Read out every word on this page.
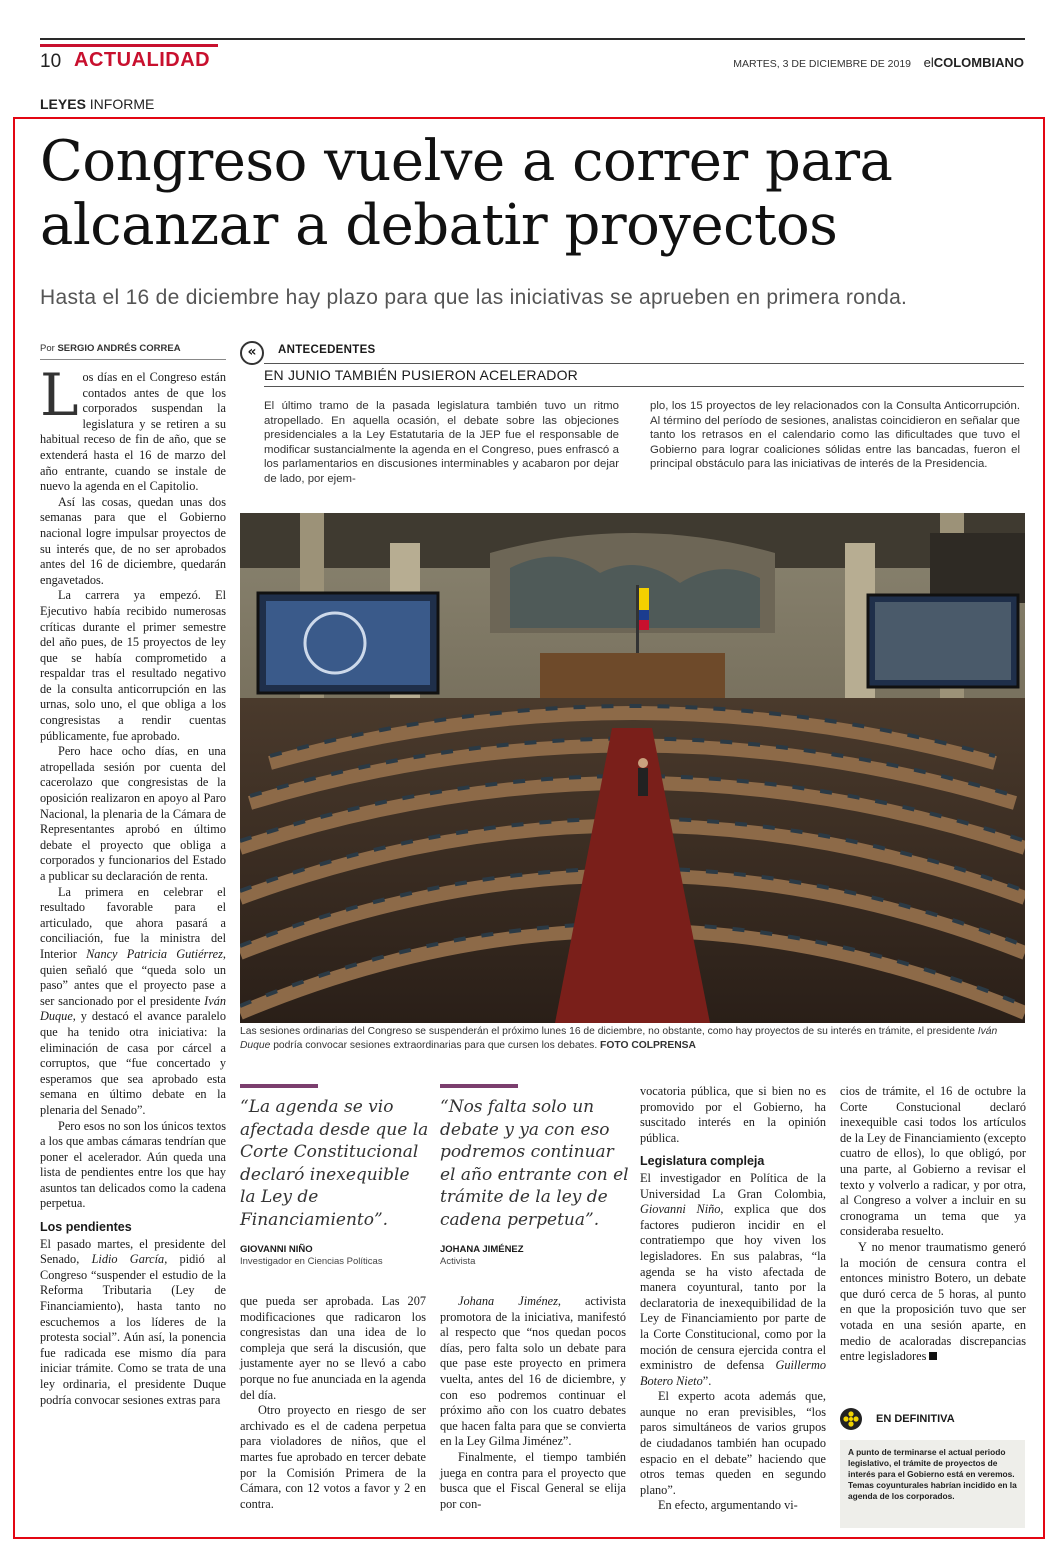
10 ACTUALIDAD	MARTES, 3 DE DICIEMBRE DE 2019 elCOLOMBIANO
LEYES INFORME
Congreso vuelve a correr para alcanzar a debatir proyectos
Hasta el 16 de diciembre hay plazo para que las iniciativas se aprueben en primera ronda.
Por SERGIO ANDRÉS CORREA

Los días en el Congreso están contados antes de que los corporados suspendan la legislatura y se retiren a su habitual receso de fin de año, que se extenderá hasta el 16 de marzo del año entrante, cuando se instale de nuevo la agenda en el Capitolio.

Así las cosas, quedan unas dos semanas para que el Gobierno nacional logre impulsar proyectos de su interés que, de no ser aprobados antes del 16 de diciembre, quedarán engavetados.

La carrera ya empezó. El Ejecutivo había recibido numerosas críticas durante el primer semestre del año pues, de 15 proyectos de ley que se había comprometido a respaldar tras el resultado negativo de la consulta anticorrupción en las urnas, solo uno, el que obliga a los congresistas a rendir cuentas públicamente, fue aprobado.

Pero hace ocho días, en una atropellada sesión por cuenta del cacerolazo que congresistas de la oposición realizaron en apoyo al Paro Nacional, la plenaria de la Cámara de Representantes aprobó en último debate el proyecto que obliga a corporados y funcionarios del Estado a publicar su declaración de renta.

La primera en celebrar el resultado favorable para el articulado, que ahora pasará a conciliación, fue la ministra del Interior Nancy Patricia Gutiérrez, quien señaló que “queda solo un paso” antes que el proyecto pase a ser sancionado por el presidente Iván Duque, y destacó el avance paralelo que ha tenido otra iniciativa: la eliminación de casa por cárcel a corruptos, que “fue concertado y esperamos que sea aprobado esta semana en último debate en la plenaria del Senado”.

Pero esos no son los únicos textos a los que ambas cámaras tendrían que poner el acelerador. Aún queda una lista de pendientes entre los que hay asuntos tan delicados como la cadena perpetua.

Los pendientes

El pasado martes, el presidente del Senado, Lidio García, pidió al Congreso “suspender el estudio de la Reforma Tributaria (Ley de Financiamiento), hasta tanto no escuchemos a los líderes de la protesta social”. Aún así, la ponencia fue radicada ese mismo día para iniciar trámite. Como se trata de una ley ordinaria, el presidente Duque podría convocar sesiones extras para

«	ANTECEDENTES
EN JUNIO TAMBIÉN PUSIERON ACELERADOR
El último tramo de la pasada legislatura también tuvo un ritmo atropellado. En aquella ocasión, el debate sobre las objeciones presidenciales a la Ley Estatutaria de la JEP fue el responsable de modificar sustancialmente la agenda en el Congreso, pues enfrascó a los parlamentarios en discusiones interminables y acabaron por dejar de lado, por ejem-
plo, los 15 proyectos de ley relacionados con la Consulta Anticorrupción. Al término del período de sesiones, analistas coincidieron en señalar que tanto los retrasos en el calendario como las dificultades que tuvo el Gobierno para lograr coaliciones sólidas entre las bancadas, fueron el principal obstáculo para las iniciativas de interés de la Presidencia.
Las sesiones ordinarias del Congreso se suspenderán el próximo lunes 16 de diciembre, no obstante, como hay proyectos de su interés en trámite, el presidente Iván Duque podría convocar sesiones extraordinarias para que cursen los debates. FOTO COLPRENSA
“La agenda se vio afectada desde que la Corte Constitucional declaró inexequible la Ley de Financiamiento”.
GIOVANNI NIÑO
Investigador en Ciencias Políticas
“Nos falta solo un debate y ya con eso podremos continuar el año entrante con el trámite de la ley de cadena perpetua”.
JOHANA JIMÉNEZ
Activista

que pueda ser aprobada. Las 207 modificaciones que radicaron los congresistas dan una idea de lo compleja que será la discusión, que justamente ayer no se llevó a cabo porque no fue anunciada en la agenda del día.

Otro proyecto en riesgo de ser archivado es el de cadena perpetua para violadores de niños, que el martes fue aprobado en tercer debate por la Comisión Primera de la Cámara, con 12 votos a favor y 2 en contra.

Johana Jiménez, activista promotora de la iniciativa, manifestó al respecto que “nos quedan pocos días, pero falta solo un debate para que pase este proyecto en primera vuelta, antes del 16 de diciembre, y con eso podremos continuar el próximo año con los cuatro debates que hacen falta para que se convierta en la Ley Gilma Jiménez”.

Finalmente, el tiempo también juega en contra para el proyecto que busca que el Fiscal General se elija por con-

vocatoria pública, que si bien no es promovido por el Gobierno, ha suscitado interés en la opinión pública.

Legislatura compleja

El investigador en Política de la Universidad La Gran Colombia, Giovanni Niño, explica que dos factores pudieron incidir en el contratiempo que hoy viven los legisladores. En sus palabras, “la agenda se ha visto afectada de manera coyuntural, tanto por la declaratoria de inexequibilidad de la Ley de Financiamiento por parte de la Corte Constitucional, como por la moción de censura ejercida contra el exministro de defensa Guillermo Botero Nieto”.

El experto acota además que, aunque no eran previsibles, “los paros simultáneos de varios grupos de ciudadanos también han ocupado espacio en el debate” haciendo que otros temas queden en segundo plano”.

En efecto, argumentando vi-

cios de trámite, el 16 de octubre la Corte Constucional declaró inexequible casi todos los artículos de la Ley de Financiamiento (excepto cuatro de ellos), lo que obligó, por una parte, al Gobierno a revisar el texto y volverlo a radicar, y por otra, al Congreso a volver a incluir en su cronograma un tema que ya consideraba resuelto.

Y no menor traumatismo generó la moción de censura contra el entonces ministro Botero, un debate que duró cerca de 5 horas, al punto en que la proposición tuvo que ser votada en una sesión aparte, en medio de acaloradas discrepancias entre legisladores

EN DEFINITIVA
A punto de terminarse el actual periodo legislativo, el trámite de proyectos de interés para el Gobierno está en veremos. Temas coyunturales habrían incidido en la agenda de los corporados.
